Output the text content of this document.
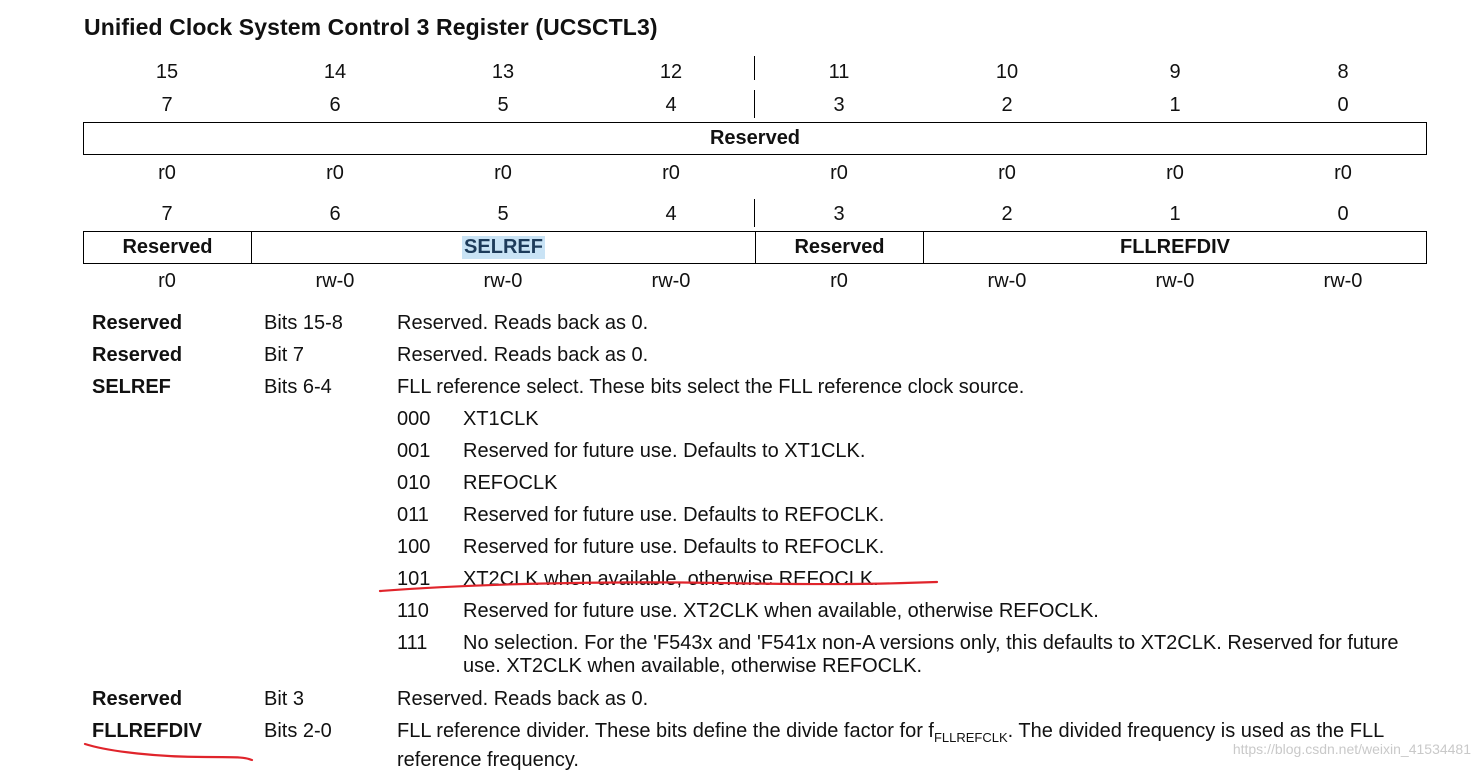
Unified Clock System Control 3 Register (UCSCTL3)
15	14	13	12	11	10	9	8
7	6	5	4	3	2	1	0
Reserved
r0	r0	r0	r0	r0	r0	r0	r0
7	6	5	4	3	2	1	0
Reserved	SELREF	Reserved	FLLREFDIV
r0	rw-0	rw-0	rw-0	r0	rw-0	rw-0	rw-0
Reserved	Bits 15-8	Reserved. Reads back as 0.
Reserved	Bit 7	Reserved. Reads back as 0.
SELREF	Bits 6-4	FLL reference select. These bits select the FLL reference clock source.
000 XT1CLK
001 Reserved for future use. Defaults to XT1CLK.
010 REFOCLK
011 Reserved for future use. Defaults to REFOCLK.
100 Reserved for future use. Defaults to REFOCLK.
101 XT2CLK when available, otherwise REFOCLK.
110 Reserved for future use. XT2CLK when available, otherwise REFOCLK.
111 No selection. For the 'F543x and 'F541x non-A versions only, this defaults to XT2CLK. Reserved for future use. XT2CLK when available, otherwise REFOCLK.
Reserved	Bit 3	Reserved. Reads back as 0.
FLLREFDIV	Bits 2-0	FLL reference divider. These bits define the divide factor for $f_{FLLREFCLK}$. The divided frequency is used as the FLL reference frequency.	https://blog.csdn.net/weixin_41534481
